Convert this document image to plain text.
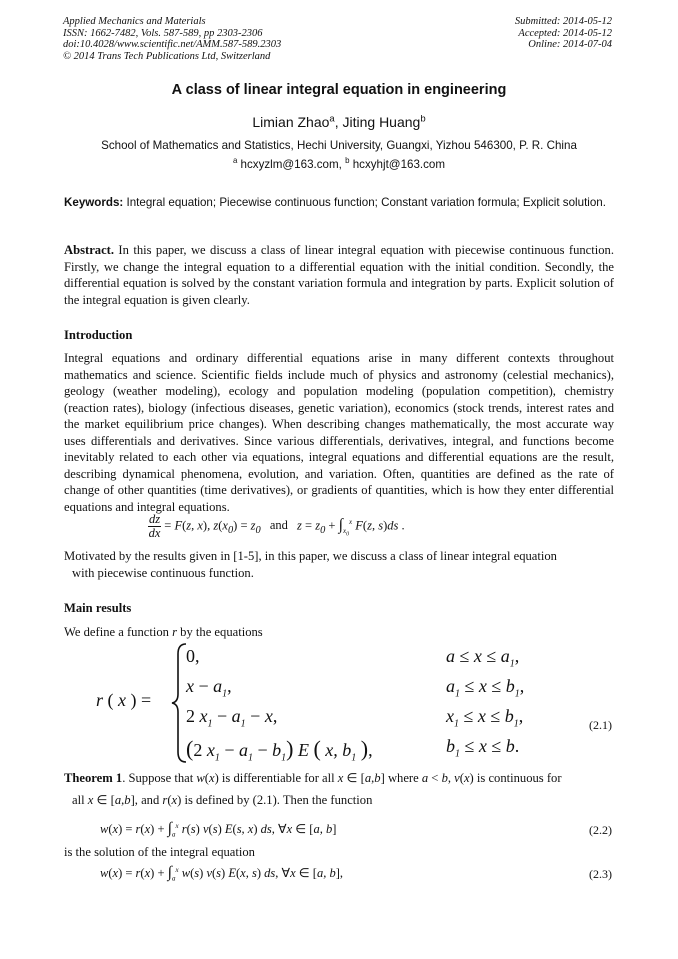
Applied Mechanics and Materials
ISSN: 1662-7482, Vols. 587-589, pp 2303-2306
doi:10.4028/www.scientific.net/AMM.587-589.2303
© 2014 Trans Tech Publications Ltd, Switzerland
Submitted: 2014-05-12
Accepted: 2014-05-12
Online: 2014-07-04
A class of linear integral equation in engineering
Limian Zhao$^a$, Jiting Huang$^b$
School of Mathematics and Statistics, Hechi University, Guangxi, Yizhou 546300, P. R. China
$^a$ hcxyzlm@163.com, $^b$ hcxyhjt@163.com
Keywords: Integral equation; Piecewise continuous function; Constant variation formula; Explicit solution.
Abstract. In this paper, we discuss a class of linear integral equation with piecewise continuous function. Firstly, we change the integral equation to a differential equation with the initial condition. Secondly, the differential equation is solved by the constant variation formula and integration by parts. Explicit solution of the integral equation is given clearly.
Introduction
Integral equations and ordinary differential equations arise in many different contexts throughout mathematics and science. Scientific fields include much of physics and astronomy (celestial mechanics), geology (weather modeling), ecology and population modeling (population competition), chemistry (reaction rates), biology (infectious diseases, genetic variation), economics (stock trends, interest rates and the market equilibrium price changes). When describing changes mathematically, the most accurate way uses differentials and derivatives. Since various differentials, derivatives, integral, and functions become inevitably related to each other via equations, integral equations and differential equations are the result, describing dynamical phenomena, evolution, and variation. Often, quantities are defined as the rate of change of other quantities (time derivatives), or gradients of quantities, which is how they enter differential equations and integral equations.
$\frac{dz}{dx} = F(z$, x), $z(x_0) = z_0$ and $z = z_0 + \int_{x_0}^x$ F(z, s)ds .
Motivated by the results given in [1-5], in this paper, we discuss a class of linear integral equation
with piecewise continuous function.
Main results
We define a function r by the equations
r ( x ) =
0,
$x - a_1$,
2 $x_1 - a_1 - x$,
(2 $x_1 - a_1 - b_1$) E ( x, $b_1$ ),
$a \le x \le a_1$,
$a_1 \le x \le b_1$,
$x_1 \le x \le b_1$,
$b_1 \le x \le b$.
(2.1)
Theorem 1. Suppose that w(x) is differentiable for all x ∈ [a,b] where a < b, v(x) is continuous for
all x ∈ [a,b], and r(x) is defined by (2.1). Then the function
$w(x) = r(x) + \int_a^x$ r(s) v(s) E(s, x) ds, ∀x ∈ [a, b]	(2.2)
is the solution of the integral equation
$w(x) = r(x) + \int_a^x$ w(s) v(s) E(x, s) ds, ∀x ∈ [a, b],	(2.3)
